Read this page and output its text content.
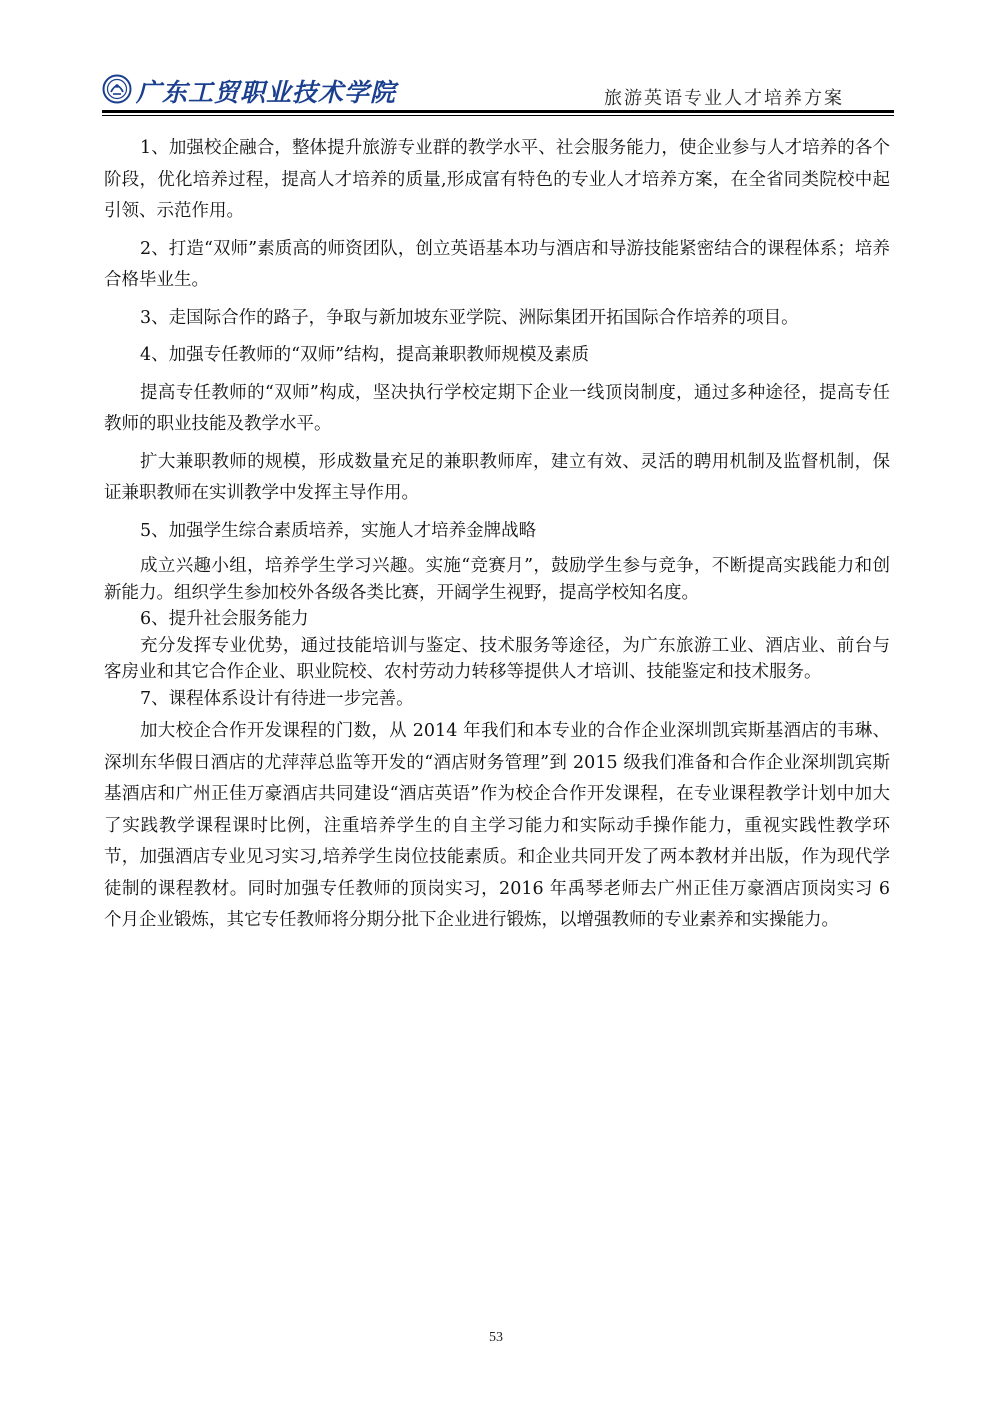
广东工贸职业技术学院	旅游英语专业人才培养方案

1、加强校企融合，整体提升旅游专业群的教学水平、社会服务能力，使企业参与人才培养的各个阶段，优化培养过程，提高人才培养的质量,形成富有特色的专业人才培养方案，在全省同类院校中起引领、示范作用。

2、打造“双师”素质高的师资团队，创立英语基本功与酒店和导游技能紧密结合的课程体系；培养合格毕业生。

3、走国际合作的路子，争取与新加坡东亚学院、洲际集团开拓国际合作培养的项目。

4、加强专任教师的“双师”结构，提高兼职教师规模及素质

提高专任教师的“双师”构成，坚决执行学校定期下企业一线顶岗制度，通过多种途径，提高专任教师的职业技能及教学水平。

扩大兼职教师的规模，形成数量充足的兼职教师库，建立有效、灵活的聘用机制及监督机制，保证兼职教师在实训教学中发挥主导作用。

5、加强学生综合素质培养，实施人才培养金牌战略

成立兴趣小组，培养学生学习兴趣。实施“竞赛月”，鼓励学生参与竞争，不断提高实践能力和创新能力。组织学生参加校外各级各类比赛，开阔学生视野，提高学校知名度。

6、提升社会服务能力

充分发挥专业优势，通过技能培训与鉴定、技术服务等途径，为广东旅游工业、酒店业、前台与客房业和其它合作企业、职业院校、农村劳动力转移等提供人才培训、技能鉴定和技术服务。

7、课程体系设计有待进一步完善。

加大校企合作开发课程的门数，从 2014 年我们和本专业的合作企业深圳凯宾斯基酒店的韦琳、深圳东华假日酒店的尤萍萍总监等开发的“酒店财务管理”到 2015 级我们准备和合作企业深圳凯宾斯基酒店和广州正佳万豪酒店共同建设“酒店英语”作为校企合作开发课程，在专业课程教学计划中加大了实践教学课程课时比例，注重培养学生的自主学习能力和实际动手操作能力，重视实践性教学环节，加强酒店专业见习实习,培养学生岗位技能素质。和企业共同开发了两本教材并出版，作为现代学徒制的课程教材。同时加强专任教师的顶岗实习，2016 年禹琴老师去广州正佳万豪酒店顶岗实习 6 个月企业锻炼，其它专任教师将分期分批下企业进行锻炼，以增强教师的专业素养和实操能力。

53
